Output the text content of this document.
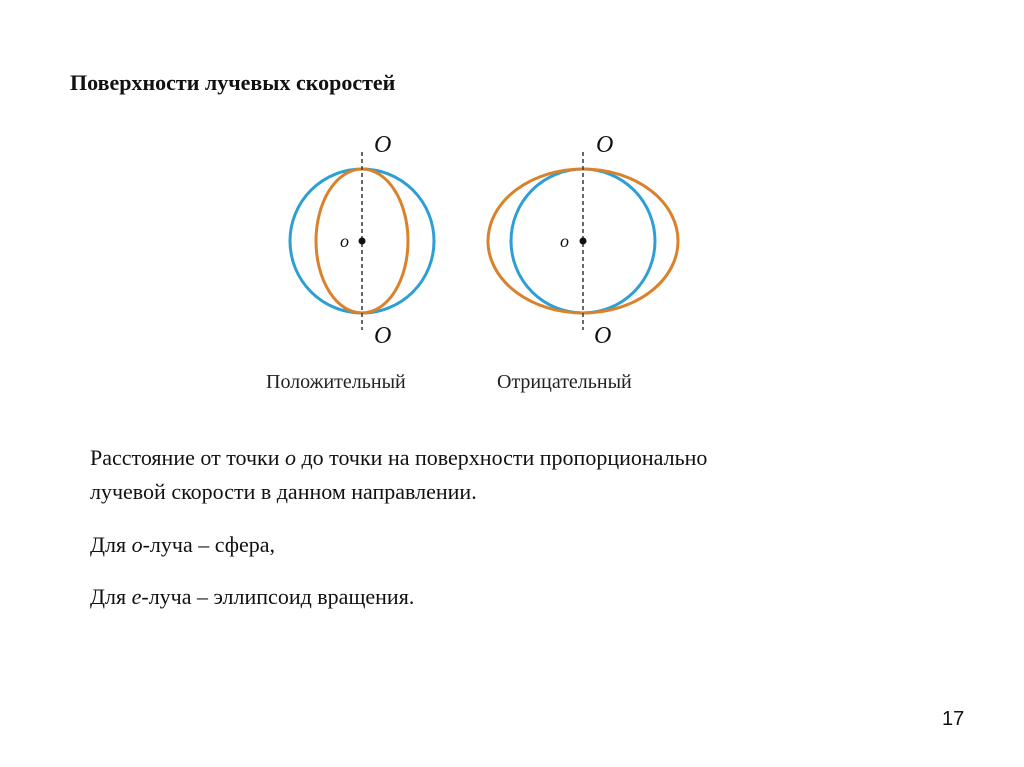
Поверхности лучевых скоростей
O
O
o
Положительный
O
O
o
Отрицательный

Расстояние от точки o до точки на поверхности пропорционально

лучевой скорости в данном направлении.

Для o-луча – сфера,

Для e-луча – эллипсоид вращения.

17
